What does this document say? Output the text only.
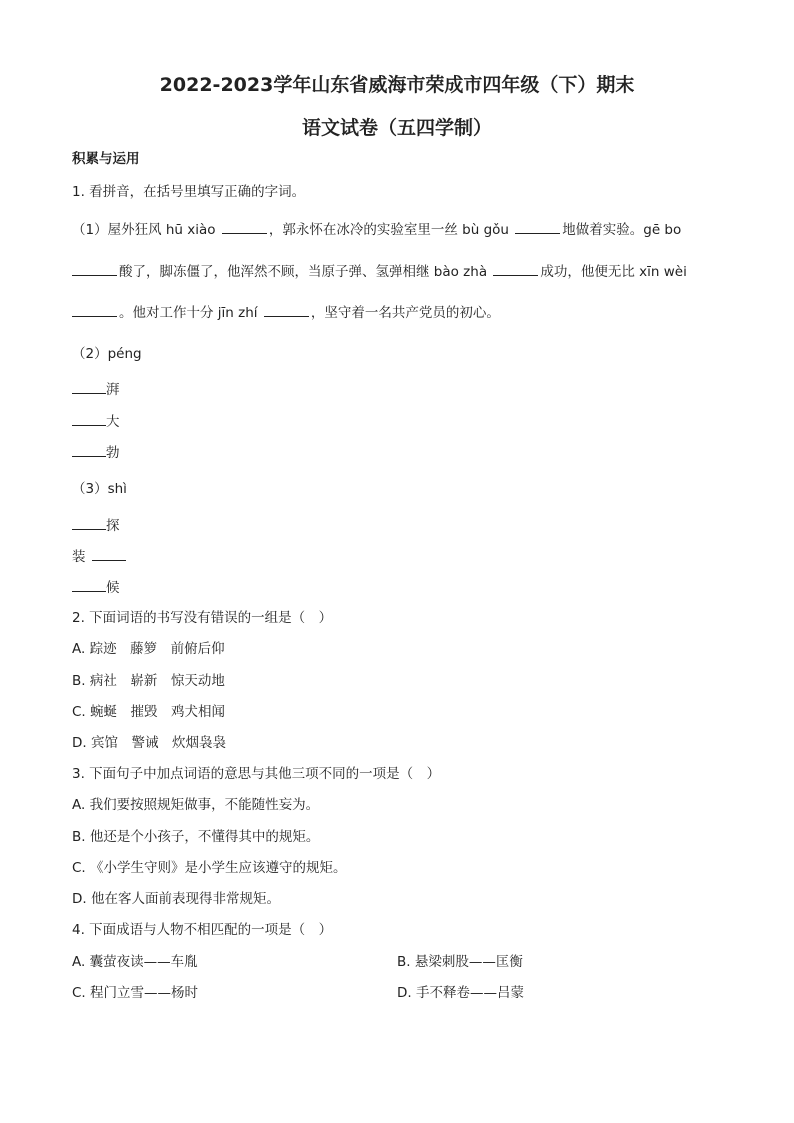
2022-2023学年山东省威海市荣成市四年级（下）期末
语文试卷（五四学制）
积累与运用
1. 看拼音，在括号里填写正确的字词。
（1）屋外狂风 hū xiào	，郭永怀在冰冷的实验室里一丝 bù gǒu	地做着实验。gē bo
酸了，脚冻僵了，他浑然不顾，当原子弹、氢弹相继 bào zhà	成功，他便无比 xīn wèi
。他对工作十分 jīn zhí	，坚守着一名共产党员的初心。
（2）péng
湃
大
勃
（3）shì
探
装
候
2. 下面词语的书写没有错误的一组是（　）
A. 踪迹　藤箩　前俯后仰
B. 病社　崭新　惊天动地
C. 蜿蜒　摧毁　鸡犬相闻
D. 宾馆　警诫　炊烟袅袅
3. 下面句子中加点词语的意思与其他三项不同的一项是（　）
A. 我们要按照规矩做事，不能随性妄为。
B. 他还是个小孩子，不懂得其中的规矩。
C. 《小学生守则》是小学生应该遵守的规矩。
D. 他在客人面前表现得非常规矩。
4. 下面成语与人物不相匹配的一项是（　）
A. 囊萤夜读——车胤	B. 悬梁刺股——匡衡
C. 程门立雪——杨时	D. 手不释卷——吕蒙
